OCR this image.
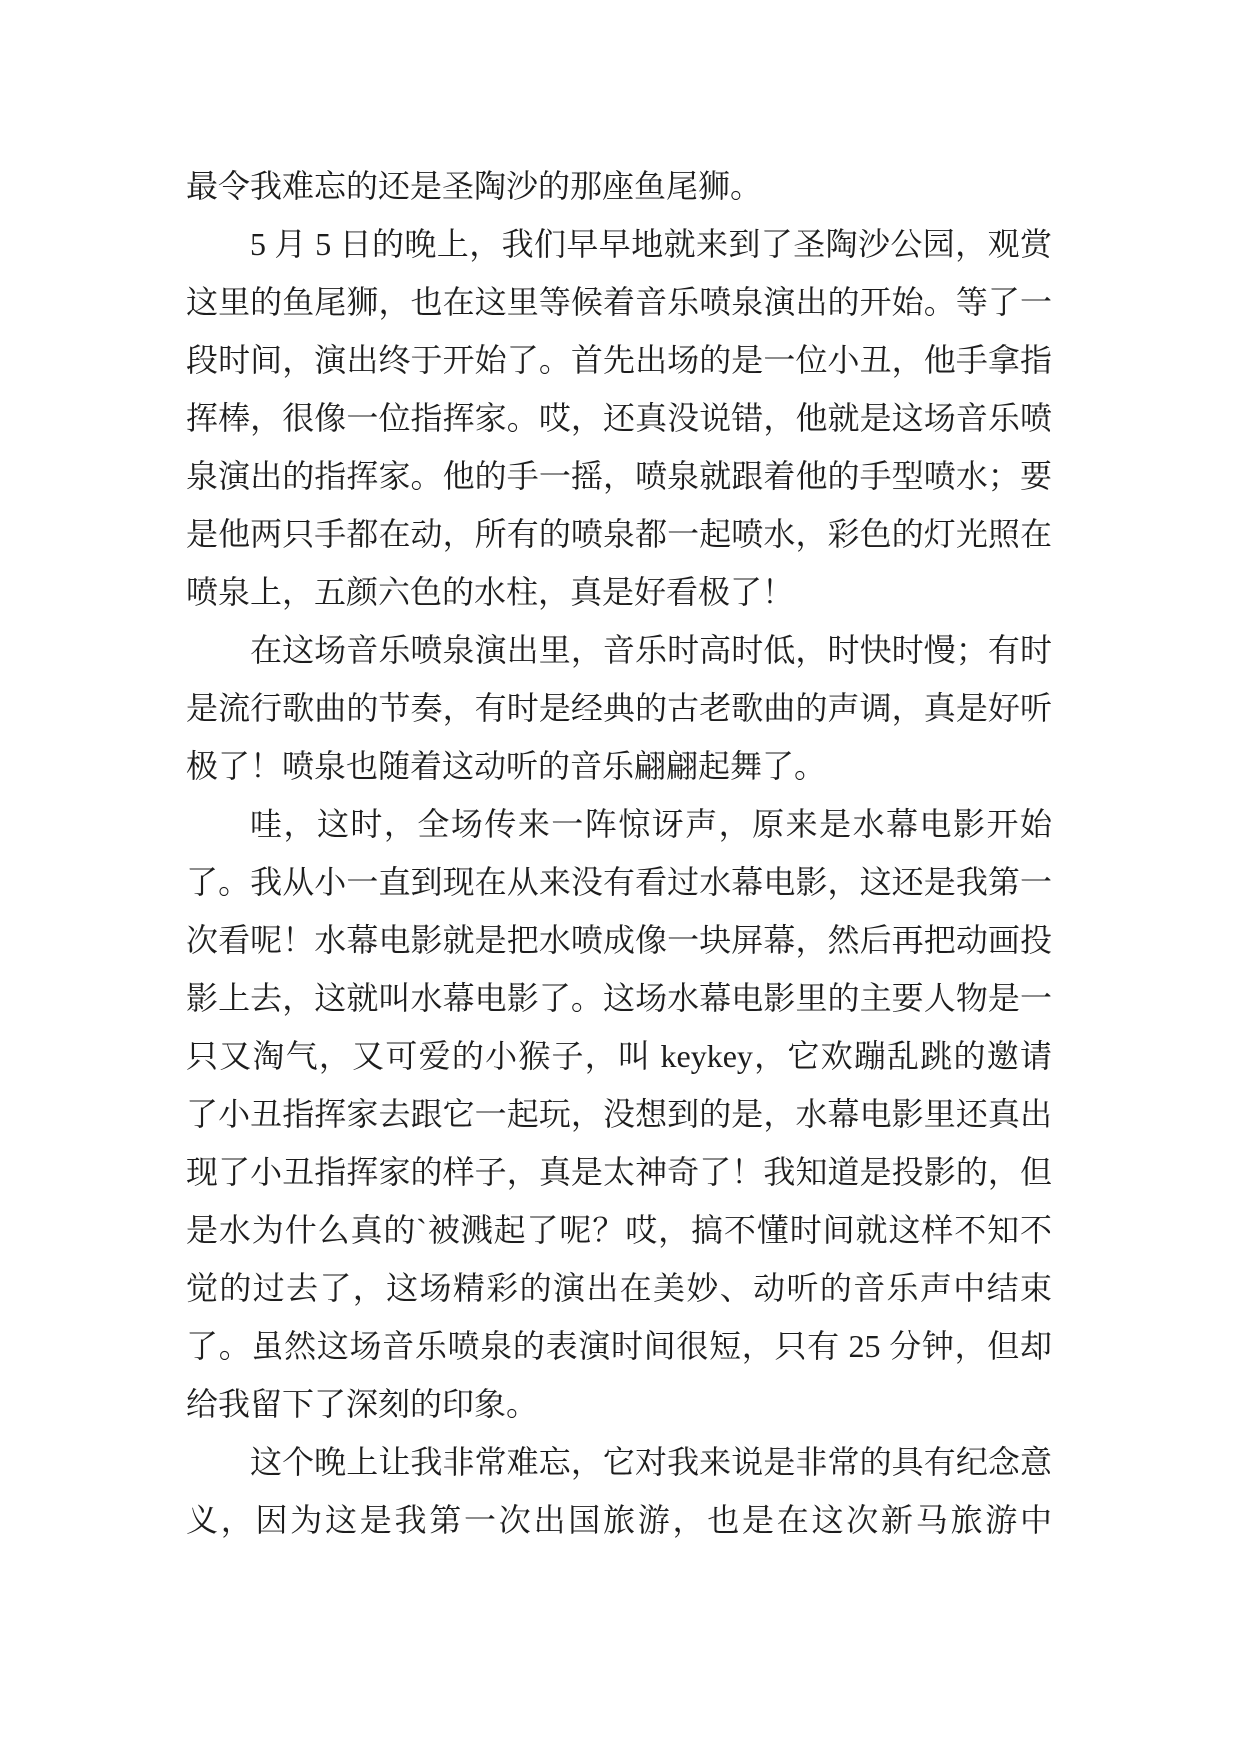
最令我难忘的还是圣陶沙的那座鱼尾狮。

5 月 5 日的晚上，我们早早地就来到了圣陶沙公园，观赏这里的鱼尾狮，也在这里等候着音乐喷泉演出的开始。等了一段时间，演出终于开始了。首先出场的是一位小丑，他手拿指挥棒，很像一位指挥家。哎，还真没说错，他就是这场音乐喷泉演出的指挥家。他的手一摇，喷泉就跟着他的手型喷水；要是他两只手都在动，所有的喷泉都一起喷水，彩色的灯光照在喷泉上，五颜六色的水柱，真是好看极了！

在这场音乐喷泉演出里，音乐时高时低，时快时慢；有时是流行歌曲的节奏，有时是经典的古老歌曲的声调，真是好听极了！喷泉也随着这动听的音乐翩翩起舞了。

哇，这时，全场传来一阵惊讶声，原来是水幕电影开始了。我从小一直到现在从来没有看过水幕电影，这还是我第一次看呢！水幕电影就是把水喷成像一块屏幕，然后再把动画投影上去，这就叫水幕电影了。这场水幕电影里的主要人物是一只又淘气，又可爱的小猴子，叫 keykey，它欢蹦乱跳的邀请了小丑指挥家去跟它一起玩，没想到的是，水幕电影里还真出现了小丑指挥家的样子，真是太神奇了！我知道是投影的，但是水为什么真的`被溅起了呢？哎，搞不懂时间就这样不知不觉的过去了，这场精彩的演出在美妙、动听的音乐声中结束了。虽然这场音乐喷泉的表演时间很短，只有 25 分钟，但却给我留下了深刻的印象。

这个晚上让我非常难忘，它对我来说是非常的具有纪念意义，因为这是我第一次出国旅游，也是在这次新马旅游中
